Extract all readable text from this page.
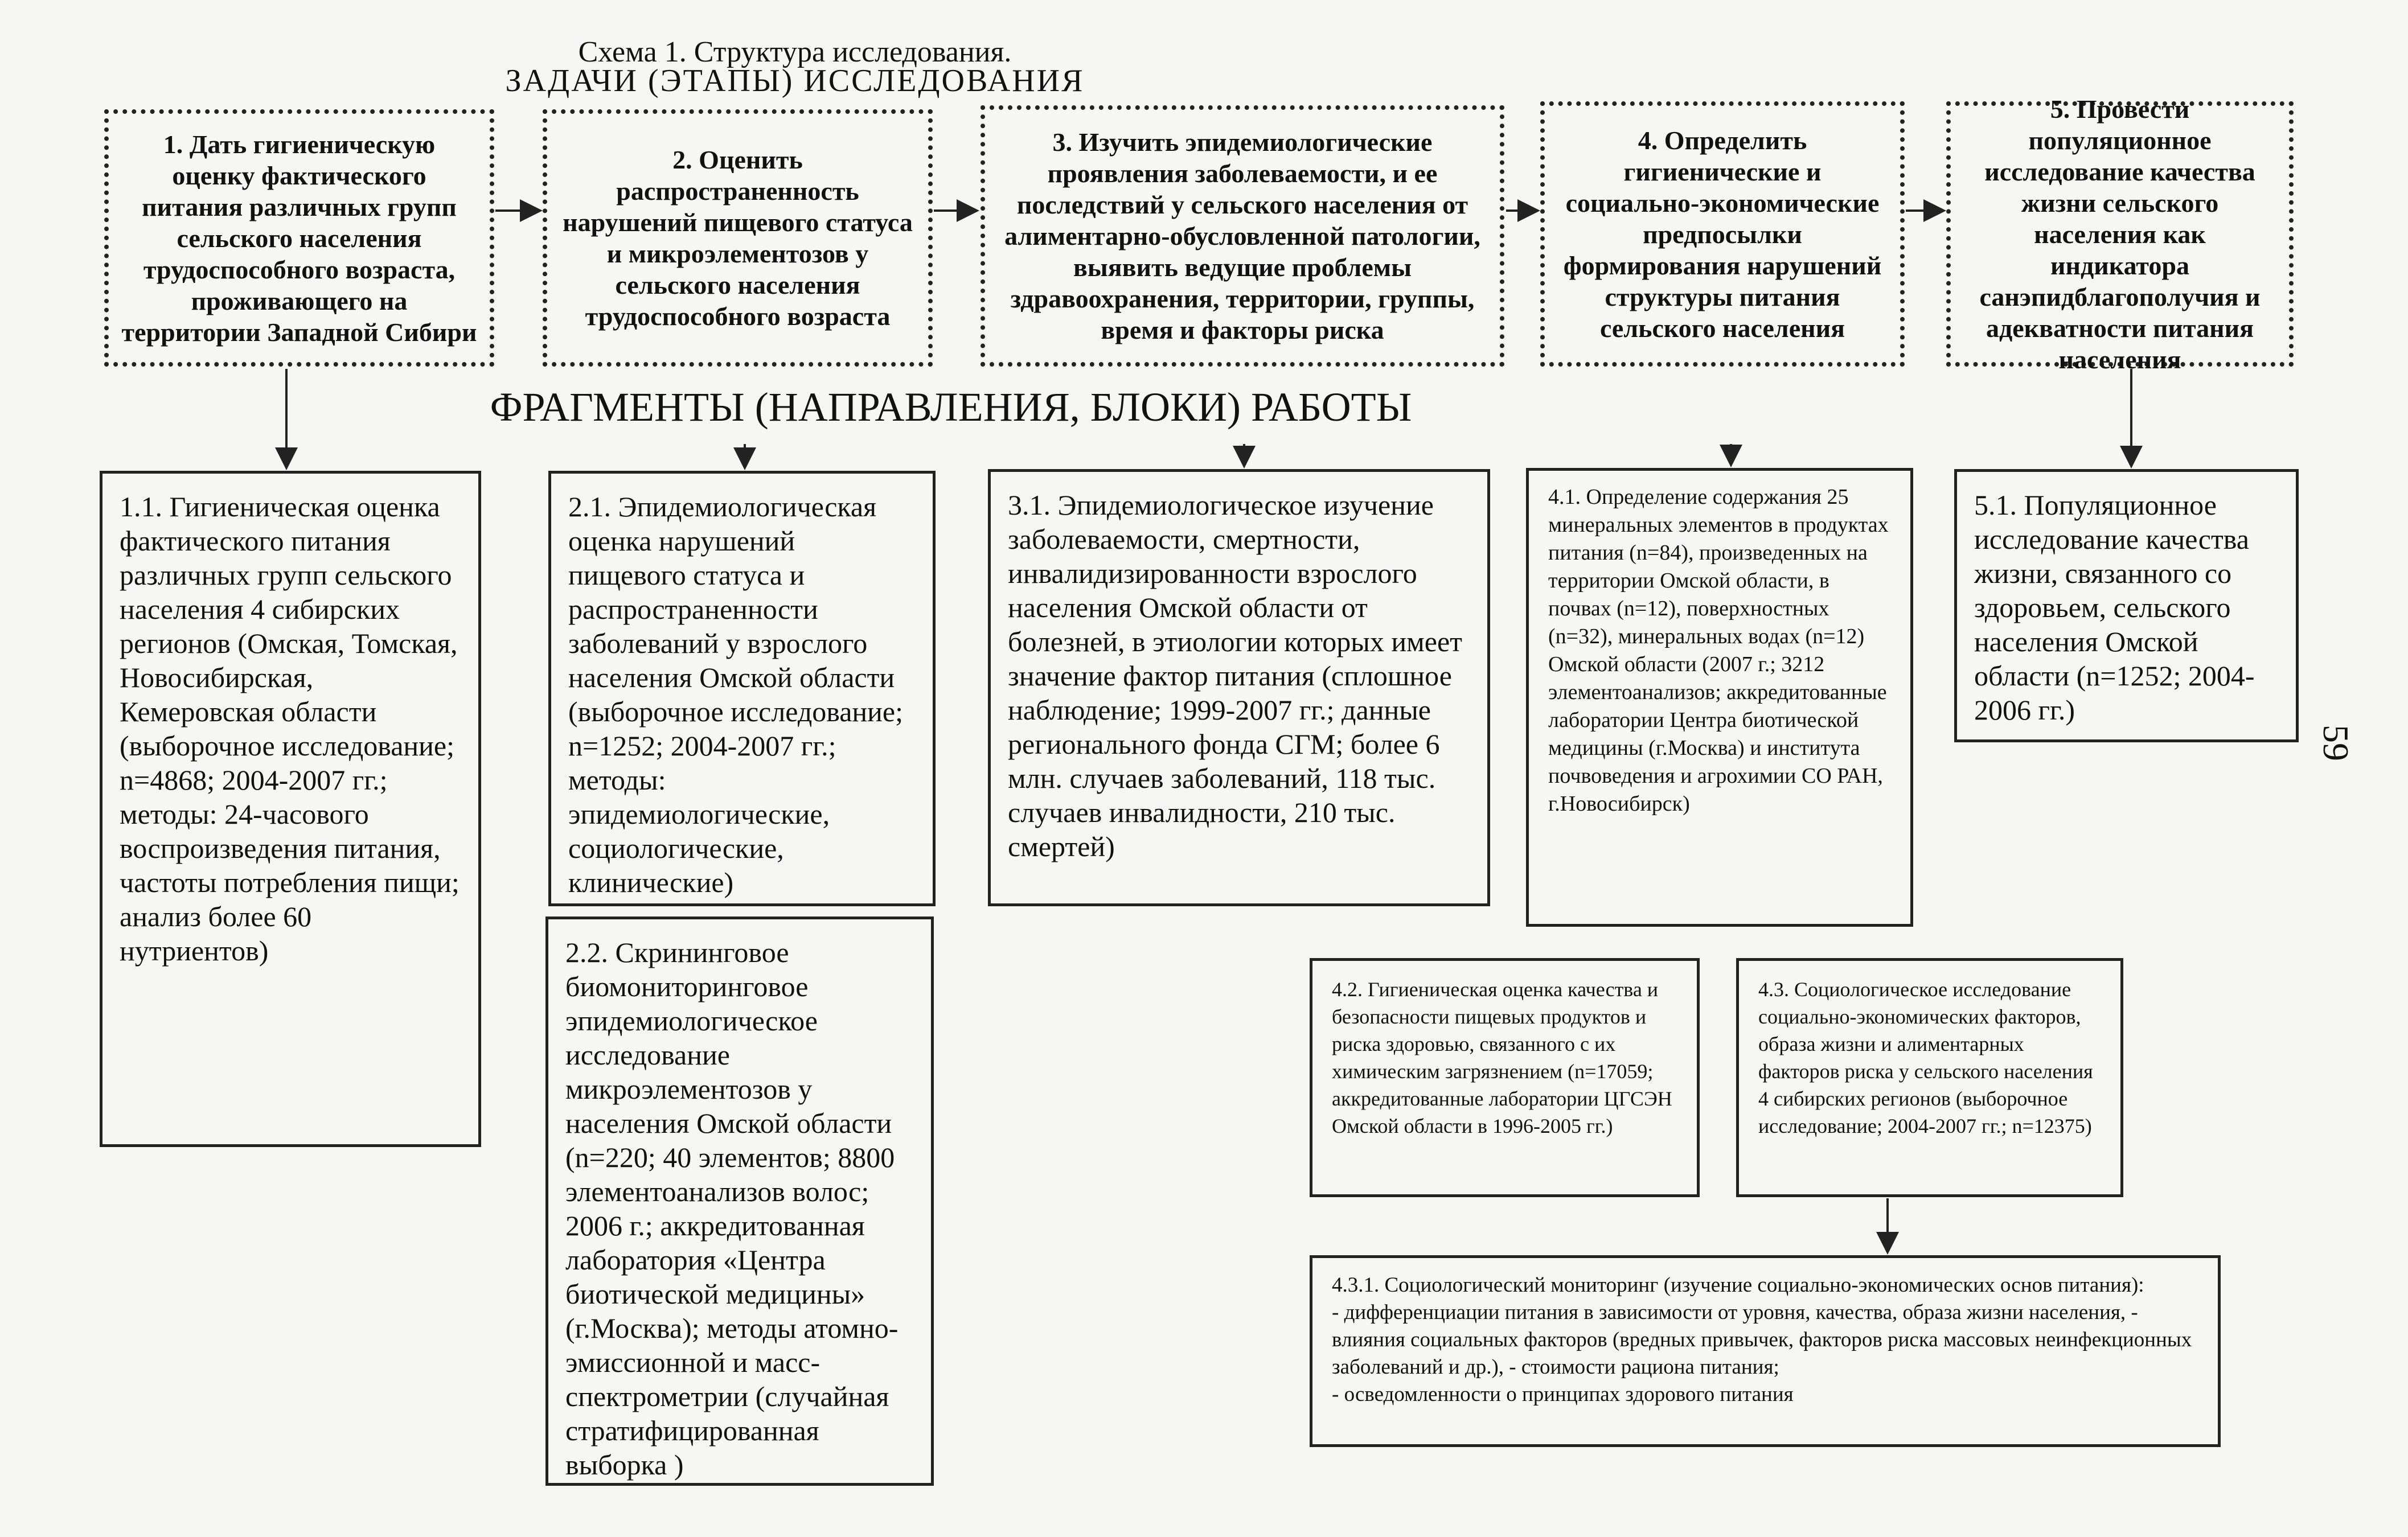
Схема 1. Структура исследования.
ЗАДАЧИ (ЭТАПЫ) ИССЛЕДОВАНИЯ
1. Дать гигиеническую оценку фактического питания различных групп сельского населения трудоспособного возраста, проживающего на территории Западной Сибири
2. Оценить распространенность нарушений пищевого статуса и микроэлементозов у сельского населения трудоспособного возраста
3. Изучить эпидемиологические проявления заболеваемости, и ее последствий у сельского населения от алиментарно-обусловленной патологии, выявить ведущие проблемы здравоохранения, территории, группы, время и факторы риска
4. Определить гигиенические и социально-экономические предпосылки формирования нарушений структуры питания сельского населения
5. Провести популяционное исследование качества жизни сельского населения как индикатора санэпидблагополучия и адекватности питания населения
ФРАГМЕНТЫ (НАПРАВЛЕНИЯ, БЛОКИ) РАБОТЫ
1.1. Гигиеническая оценка фактического питания различных групп сельского населения 4 сибирских регионов (Омская, Томская, Новосибирская, Кемеровская области (выборочное исследование; n=4868; 2004-2007 гг.; методы: 24-часового воспроизведения питания, частоты потребления пищи; анализ более 60 нутриентов)
2.1. Эпидемиологическая оценка нарушений пищевого статуса и распространенности заболеваний у взрослого населения Омской области (выборочное исследование; n=1252; 2004-2007 гг.; методы: эпидемиологические, социологические, клинические)
2.2. Скрининговое биомониторинговое эпидемиологическое исследование микроэлементозов у населения Омской области (n=220; 40 элементов; 8800 элементоанализов волос; 2006 г.; аккредитованная лаборатория «Центра биотической медицины» (г.Москва); методы атомно-эмиссионной и масс-спектрометрии (случайная стратифицированная выборка )
3.1. Эпидемиологическое изучение заболеваемости, смертности, инвалидизированности взрослого населения Омской области от болезней, в этиологии которых имеет значение фактор питания (сплошное наблюдение; 1999-2007 гг.; данные регионального фонда СГМ; более 6 млн. случаев заболеваний, 118 тыс. случаев инвалидности, 210 тыс. смертей)
4.1. Определение содержания 25 минеральных элементов в продуктах питания (n=84), произведенных на территории Омской области, в почвах (n=12), поверхностных (n=32), минеральных водах (n=12) Омской области (2007 г.; 3212 элементоанализов; аккредитованные лаборатории Центра биотической медицины (г.Москва) и института почвоведения и агрохимии СО РАН, г.Новосибирск)
4.2. Гигиеническая оценка качества и безопасности пищевых продуктов и риска здоровью, связанного с их химическим загрязнением (n=17059; аккредитованные лаборатории ЦГСЭН Омской области в 1996-2005 гг.)
4.3. Социологическое исследование социально-экономических факторов, образа жизни и алиментарных факторов риска у сельского населения 4 сибирских регионов (выборочное исследование; 2004-2007 гг.; n=12375)
4.3.1. Социологический мониторинг (изучение социально-экономических основ питания):
- дифференциации питания в зависимости от уровня, качества, образа жизни населения, - влияния социальных факторов (вредных привычек, факторов риска массовых неинфекционных заболеваний и др.), - стоимости рациона питания;
- осведомленности о принципах здорового питания
5.1. Популяционное исследование качества жизни, связанного со здоровьем, сельского населения Омской области (n=1252; 2004-2006 гг.)
59
